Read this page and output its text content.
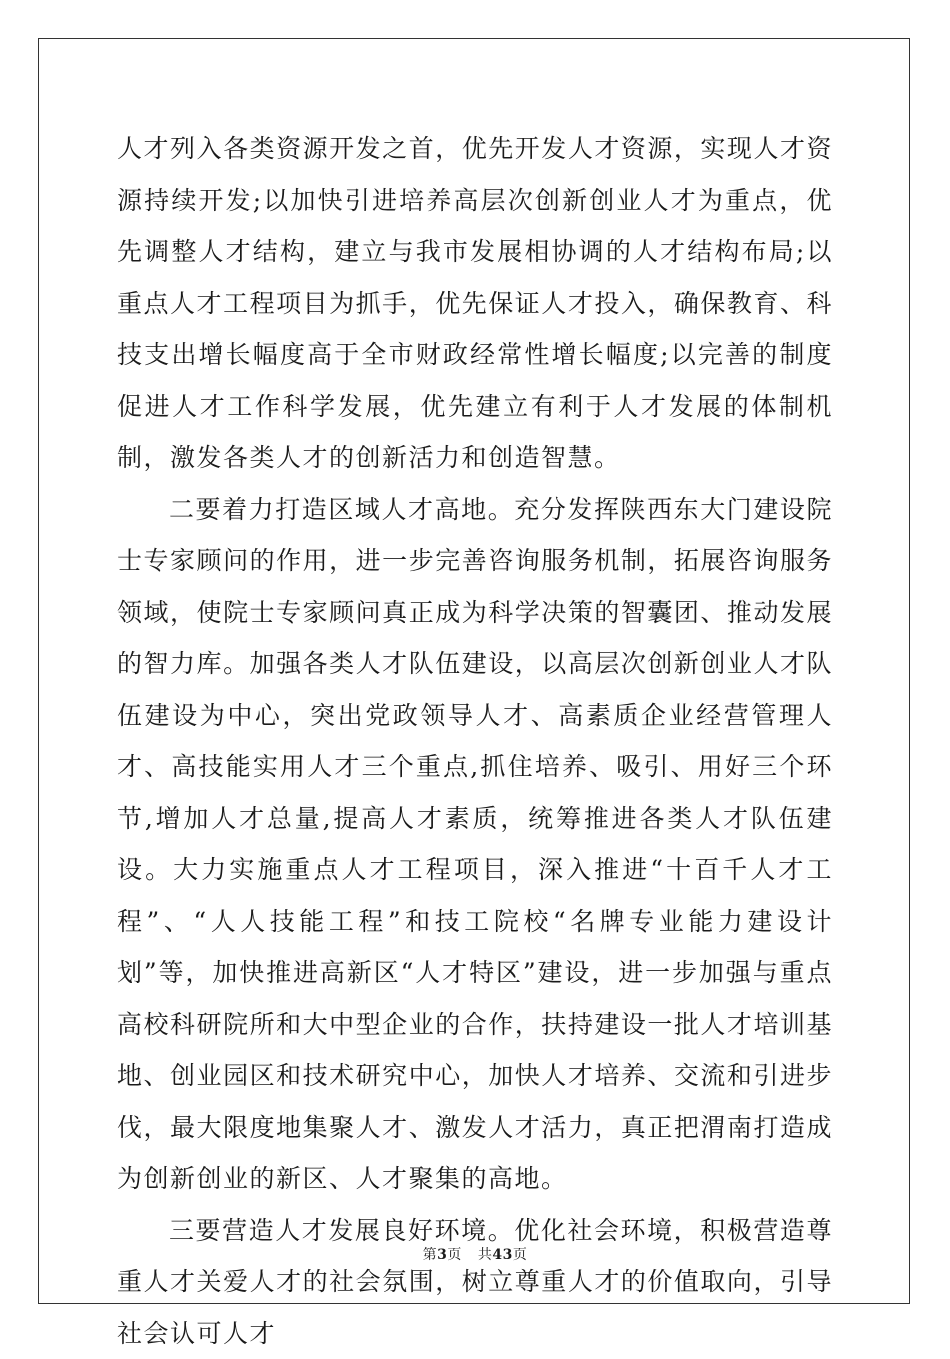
人才列入各类资源开发之首，优先开发人才资源，实现人才资源持续开发;以加快引进培养高层次创新创业人才为重点，优先调整人才结构，建立与我市发展相协调的人才结构布局;以重点人才工程项目为抓手，优先保证人才投入，确保教育、科技支出增长幅度高于全市财政经常性增长幅度;以完善的制度促进人才工作科学发展，优先建立有利于人才发展的体制机制，激发各类人才的创新活力和创造智慧。

二要着力打造区域人才高地。充分发挥陕西东大门建设院士专家顾问的作用，进一步完善咨询服务机制，拓展咨询服务领域，使院士专家顾问真正成为科学决策的智囊团、推动发展的智力库。加强各类人才队伍建设，以高层次创新创业人才队伍建设为中心，突出党政领导人才、高素质企业经营管理人才、高技能实用人才三个重点,抓住培养、吸引、用好三个环节,增加人才总量,提高人才素质，统筹推进各类人才队伍建设。大力实施重点人才工程项目，深入推进“十百千人才工程”、“人人技能工程”和技工院校“名牌专业能力建设计划”等，加快推进高新区“人才特区”建设，进一步加强与重点高校科研院所和大中型企业的合作，扶持建设一批人才培训基地、创业园区和技术研究中心，加快人才培养、交流和引进步伐，最大限度地集聚人才、激发人才活力，真正把渭南打造成为创新创业的新区、人才聚集的高地。

三要营造人才发展良好环境。优化社会环境，积极营造尊重人才关爱人才的社会氛围，树立尊重人才的价值取向，引导社会认可人才

第3页 共43页
